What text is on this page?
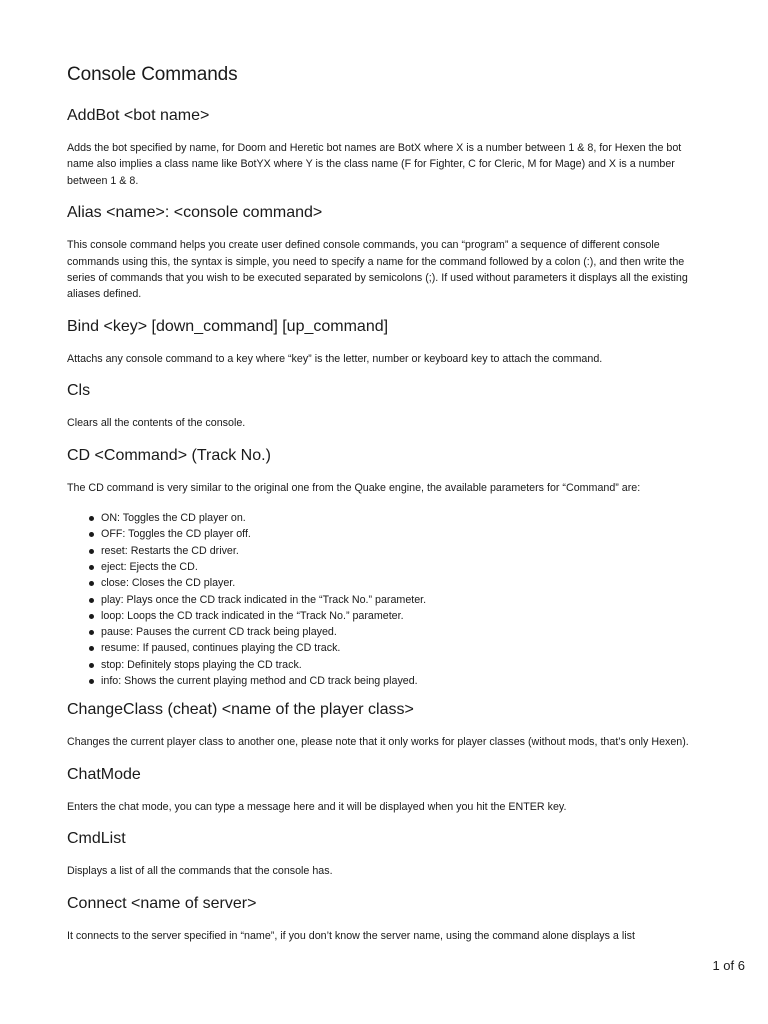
Console Commands
AddBot <bot name>

Adds the bot specified by name, for Doom and Heretic bot names are BotX where X is a number between 1 & 8, for Hexen the bot name also implies a class name like BotYX where Y is the class name (F for Fighter, C for Cleric, M for Mage) and X is a number between 1 & 8.

Alias <name>: <console command>

This console command helps you create user defined console commands, you can “program” a sequence of different console commands using this, the syntax is simple, you need to specify a name for the command followed by a colon (:), and then write the series of commands that you wish to be executed separated by semicolons (;). If used without parameters it displays all the existing aliases defined.

Bind <key> [down_command] [up_command]

Attachs any console command to a key where “key” is the letter, number or keyboard key to attach the command.

Cls

Clears all the contents of the console.

CD <Command> (Track No.)

The CD command is very similar to the original one from the Quake engine, the available parameters for “Command” are:

ON: Toggles the CD player on.
OFF: Toggles the CD player off.
reset: Restarts the CD driver.
eject: Ejects the CD.
close: Closes the CD player.
play: Plays once the CD track indicated in the “Track No.” parameter.
loop: Loops the CD track indicated in the “Track No.” parameter.
pause: Pauses the current CD track being played.
resume: If paused, continues playing the CD track.
stop: Definitely stops playing the CD track.
info: Shows the current playing method and CD track being played.
ChangeClass (cheat) <name of the player class>

Changes the current player class to another one, please note that it only works for player classes (without mods, that’s only Hexen).

ChatMode

Enters the chat mode, you can type a message here and it will be displayed when you hit the ENTER key.

CmdList

Displays a list of all the commands that the console has.

Connect <name of server>

It connects to the server specified in “name”, if you don’t know the server name, using the command alone displays a list

1 of 6
